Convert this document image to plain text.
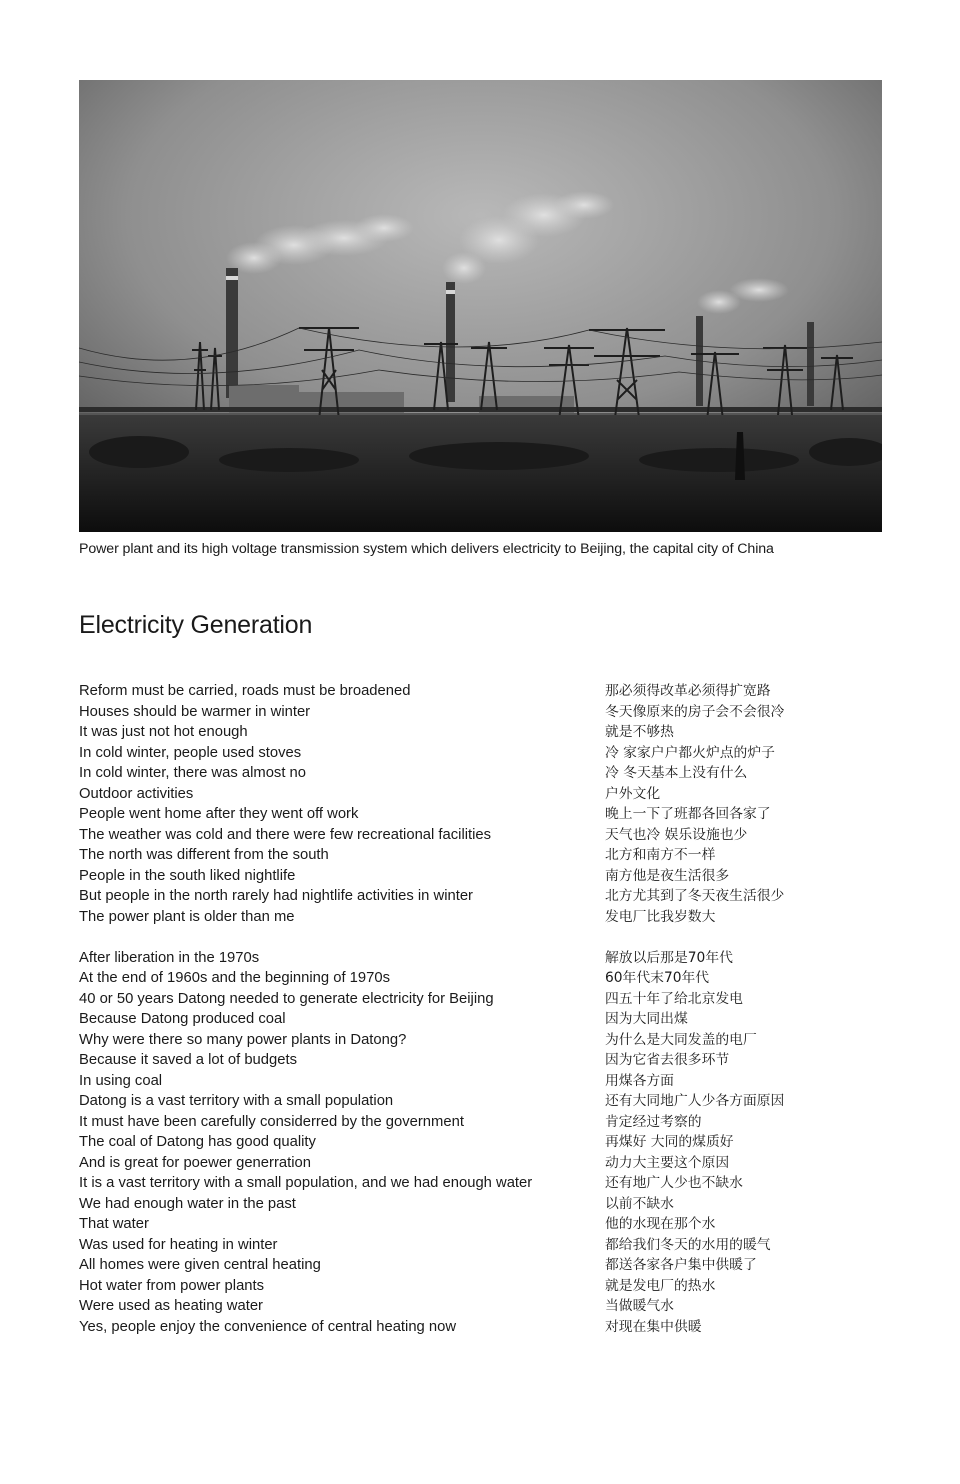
Power plant and its high voltage transmission system which delivers electricity to Beijing, the capital city of China
Electricity Generation
Reform must be carried, roads must be broadened
Houses should be warmer in winter
It was just not hot enough
In cold winter, people used stoves
In cold winter, there was almost no
Outdoor activities
People went home after they went off work
The weather was cold and there were few recreational facilities
The north was different from the south
People in the south liked nightlife
But people in the north rarely had nightlife activities in winter
The power plant is older than me
After liberation in the 1970s
At the end of 1960s and the beginning of 1970s
40 or 50 years Datong needed to generate electricity for Beijing
Because Datong produced coal
Why were there so many power plants in Datong?
Because it saved a lot of budgets
In using coal
Datong is a vast territory with a small population
It must have been carefully considerred by the government
The coal of Datong has good quality
And is great for poewer generration
It is a vast territory with a small population, and we had enough water
We had enough water in the past
That water
Was used for heating in winter
All homes were given central heating
Hot water from power plants
Were used as heating water
Yes, people enjoy the convenience of central heating now
那必须得改革必须得扩宽路
冬天像原来的房子会不会很冷
就是不够热
冷 家家户户都火炉点的炉子
冷 冬天基本上没有什么
户外文化
晚上一下了班都各回各家了
天气也冷 娱乐设施也少
北方和南方不一样
南方他是夜生活很多
北方尤其到了冬天夜生活很少
发电厂比我岁数大
解放以后那是70年代
60年代末70年代
四五十年了给北京发电
因为大同出煤
为什么是大同发盖的电厂
因为它省去很多环节
用煤各方面
还有大同地广人少各方面原因
肯定经过考察的
再煤好 大同的煤质好
动力大主要这个原因
还有地广人少也不缺水
以前不缺水
他的水现在那个水
都给我们冬天的水用的暖气
都送各家各户集中供暖了
就是发电厂的热水
当做暖气水
对现在集中供暖
